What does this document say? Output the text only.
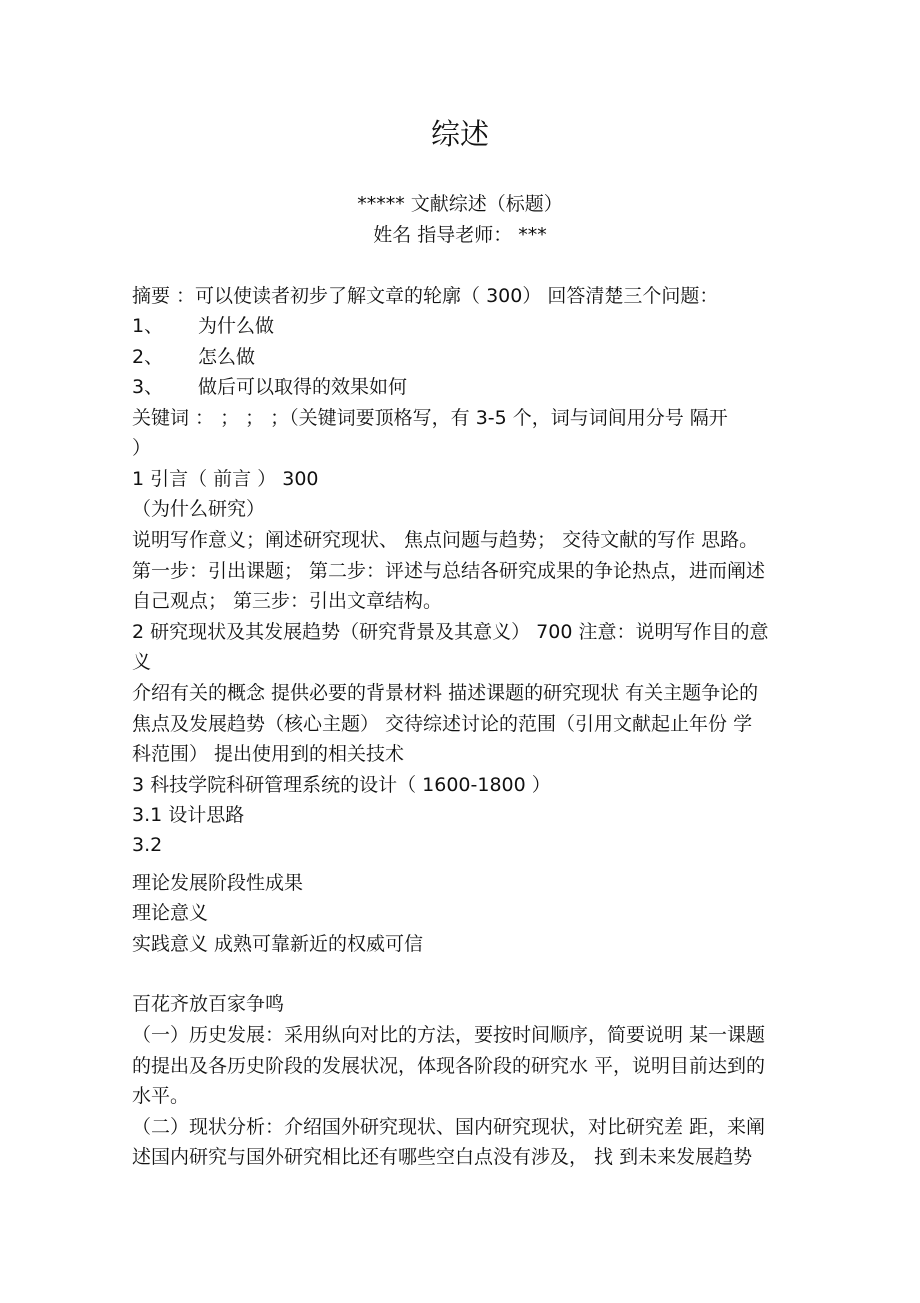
综述
***** 文献综述（标题）
姓名 指导老师： ***
摘要 ：可以使读者初步了解文章的轮廓（ 300） 回答清楚三个问题：
1、 为什么做
2、 怎么做
3、 做后可以取得的效果如何
关键词 ： ； ； ；（关键词要顶格写，有 3-5 个，词与词间用分号 隔开
）
1 引言（ 前言 ） 300
（为什么研究）
说明写作意义；阐述研究现状、 焦点问题与趋势； 交待文献的写作 思路。
第一步：引出课题； 第二步：评述与总结各研究成果的争论热点，进而阐述
自己观点； 第三步：引出文章结构。
2 研究现状及其发展趋势（研究背景及其意义） 700 注意：说明写作目的意
义
介绍有关的概念 提供必要的背景材料 描述课题的研究现状 有关主题争论的
焦点及发展趋势（核心主题） 交待综述讨论的范围（引用文献起止年份 学
科范围） 提出使用到的相关技术
3 科技学院科研管理系统的设计（ 1600-1800 ）
3.1 设计思路
3.2
理论发展阶段性成果
理论意义
实践意义 成熟可靠新近的权威可信
百花齐放百家争鸣
（一）历史发展：采用纵向对比的方法，要按时间顺序，简要说明 某一课题
的提出及各历史阶段的发展状况，体现各阶段的研究水 平，说明目前达到的
水平。
（二）现状分析：介绍国外研究现状、国内研究现状，对比研究差 距，来阐
述国内研究与国外研究相比还有哪些空白点没有涉及， 找 到未来发展趋势
